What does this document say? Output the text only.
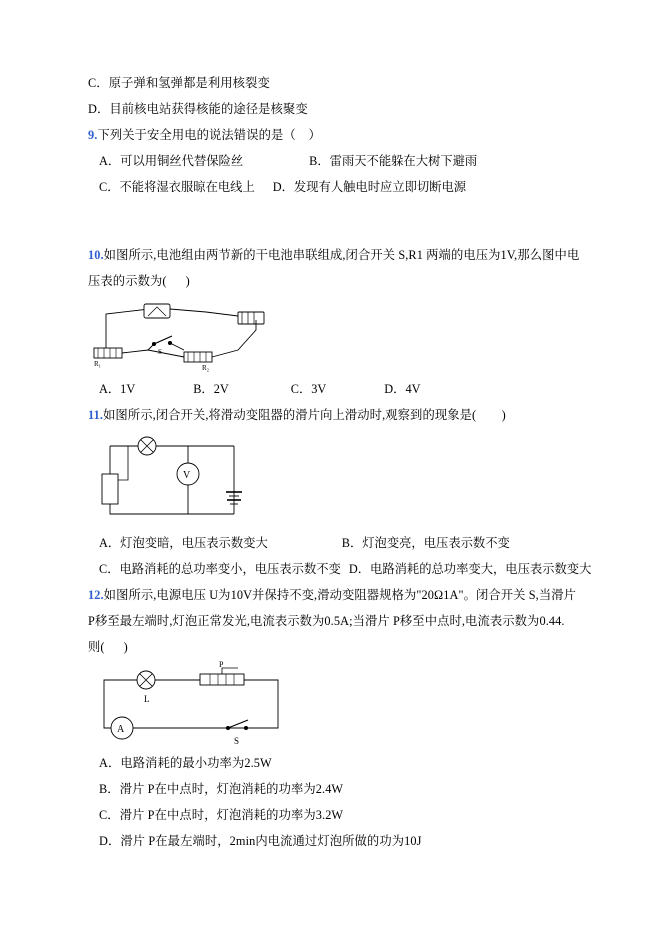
C．原子弹和氢弹都是利用核裂变
D．目前核电站获得核能的途径是核聚变
9.下列关于安全用电的说法错误的是（    ）
A．可以用铜丝代替保险丝	B．雷雨天不能躲在大树下避雨
C．不能将湿衣服晾在电线上 D．发现有人触电时应立即切断电源
10.如图所示,电池组由两节新的干电池串联组成,闭合开关 S,R1 两端的电压为1V,那么图中电
压表的示数为(      )
R₁
S
R₂
A．1V	B．2V	C．3V	D．4V
11.如图所示,闭合开关,将滑动变阻器的滑片向上滑动时,观察到的现象是(        )
V
A．灯泡变暗，电压表示数变大	B．灯泡变亮，电压表示数不变
C．电路消耗的总功率变小，电压表示数不变 D．电路消耗的总功率变大，电压表示数变大
12.如图所示,电源电压 U为10V并保持不变,滑动变阻器规格为"20Ω1A"。闭合开关 S,当滑片
P移至最左端时,灯泡正常发光,电流表示数为0.5A;当滑片 P移至中点时,电流表示数为0.44.
则(      )
A
L
P
S
A．电路消耗的最小功率为2.5W
B．滑片 P在中点时，灯泡消耗的功率为2.4W
C．滑片 P在中点时，灯泡消耗的功率为3.2W
D．滑片 P在最左端时，2min内电流通过灯泡所做的功为10J
